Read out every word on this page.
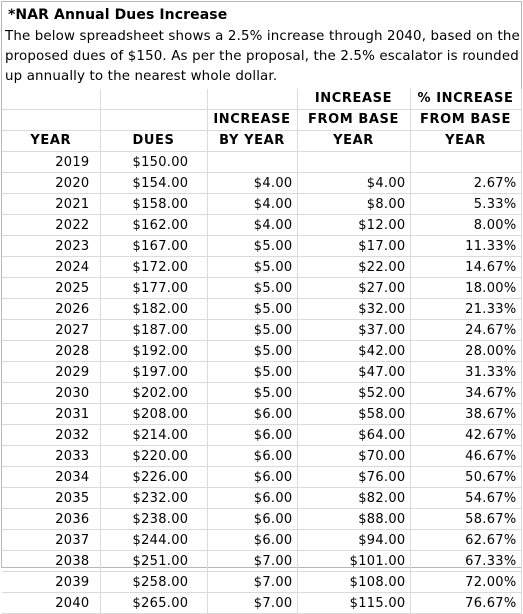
*NAR Annual Dues Increase
The below spreadsheet shows a 2.5% increase through 2040, based on the proposed dues of $150. As per the proposal, the 2.5% escalator is rounded up annually to the nearest whole dollar.
			INCREASE	% INCREASE
		INCREASE	FROM BASE	FROM BASE
YEAR	DUES	BY YEAR	YEAR	YEAR
2019	$150.00			
2020	$154.00	$4.00	$4.00	2.67%
2021	$158.00	$4.00	$8.00	5.33%
2022	$162.00	$4.00	$12.00	8.00%
2023	$167.00	$5.00	$17.00	11.33%
2024	$172.00	$5.00	$22.00	14.67%
2025	$177.00	$5.00	$27.00	18.00%
2026	$182.00	$5.00	$32.00	21.33%
2027	$187.00	$5.00	$37.00	24.67%
2028	$192.00	$5.00	$42.00	28.00%
2029	$197.00	$5.00	$47.00	31.33%
2030	$202.00	$5.00	$52.00	34.67%
2031	$208.00	$6.00	$58.00	38.67%
2032	$214.00	$6.00	$64.00	42.67%
2033	$220.00	$6.00	$70.00	46.67%
2034	$226.00	$6.00	$76.00	50.67%
2035	$232.00	$6.00	$82.00	54.67%
2036	$238.00	$6.00	$88.00	58.67%
2037	$244.00	$6.00	$94.00	62.67%
2038	$251.00	$7.00	$101.00	67.33%
2039	$258.00	$7.00	$108.00	72.00%
2040	$265.00	$7.00	$115.00	76.67%
